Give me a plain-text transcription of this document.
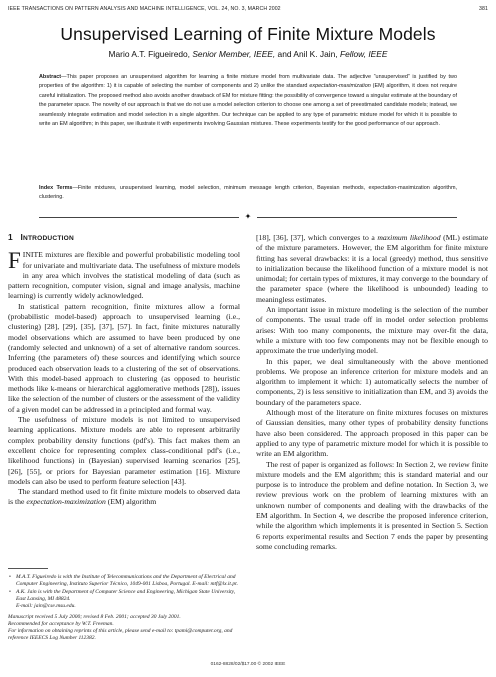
IEEE TRANSACTIONS ON PATTERN ANALYSIS AND MACHINE INTELLIGENCE, VOL. 24, NO. 3, MARCH 2002	381
Unsupervised Learning of Finite Mixture Models
Mario A.T. Figueiredo, Senior Member, IEEE, and Anil K. Jain, Fellow, IEEE
Abstract—This paper proposes an unsupervised algorithm for learning a finite mixture model from multivariate data. The adjective “unsupervised” is justified by two properties of the algorithm: 1) it is capable of selecting the number of components and 2) unlike the standard expectation-maximization (EM) algorithm, it does not require careful initialization. The proposed method also avoids another drawback of EM for mixture fitting: the possibility of convergence toward a singular estimate at the boundary of the parameter space. The novelty of our approach is that we do not use a model selection criterion to choose one among a set of preestimated candidate models; instead, we seamlessly integrate estimation and model selection in a single algorithm. Our technique can be applied to any type of parametric mixture model for which it is possible to write an EM algorithm; in this paper, we illustrate it with experiments involving Gaussian mixtures. These experiments testify for the good performance of our approach.
Index Terms—Finite mixtures, unsupervised learning, model selection, minimum message length criterion, Bayesian methods, expectation-maximization algorithm, clustering.
✦
1 INTRODUCTION

FINITE mixtures are flexible and powerful probabilistic modeling tool for univariate and multivariate data. The usefulness of mixture models in any area which involves the statistical modeling of data (such as pattern recognition, computer vision, signal and image analysis, machine learning) is currently widely acknowledged.

In statistical pattern recognition, finite mixtures allow a formal (probabilistic model-based) approach to unsupervised learning (i.e., clustering) [28], [29], [35], [37], [57]. In fact, finite mixtures naturally model observations which are assumed to have been produced by one (randomly selected and unknown) of a set of alternative random sources. Inferring (the parameters of) these sources and identifying which source produced each observation leads to a clustering of the set of observations. With this model-based approach to clustering (as opposed to heuristic methods like k-means or hierarchical agglomerative methods [28]), issues like the selection of the number of clusters or the assessment of the validity of a given model can be addressed in a principled and formal way.

The usefulness of mixture models is not limited to unsupervised learning applications. Mixture models are able to represent arbitrarily complex probability density functions (pdf's). This fact makes them an excellent choice for representing complex class-conditional pdf's (i.e., likelihood functions) in (Bayesian) supervised learning scenarios [25], [26], [55], or priors for Bayesian parameter estimation [16]. Mixture models can also be used to perform feature selection [43].

The standard method used to fit finite mixture models to observed data is the expectation-maximization (EM) algorithm

• M.A.T. Figueiredo is with the Institute of Telecommunications and the Department of Electrical and Computer Engineering, Instituto Superior Técnico, 1049-001 Lisboa, Portugal. E-mail: mtf@lx.it.pt.
• A.K. Jain is with the Department of Computer Science and Engineering, Michigan State University, East Lansing, MI 48824.
E-mail: jain@cse.msu.edu.
Manuscript received 5 July 2000; revised 8 Feb. 2001; accepted 30 July 2001.
Recommended for acceptance by W.T. Freeman.
For information on obtaining reprints of this article, please send e-mail to: tpami@computer.org, and reference IEEECS Log Number 112382.

[18], [36], [37], which converges to a maximum likelihood (ML) estimate of the mixture parameters. However, the EM algorithm for finite mixture fitting has several drawbacks: it is a local (greedy) method, thus sensitive to initialization because the likelihood function of a mixture model is not unimodal; for certain types of mixtures, it may converge to the boundary of the parameter space (where the likelihood is unbounded) leading to meaningless estimates.

An important issue in mixture modeling is the selection of the number of components. The usual trade off in model order selection problems arises: With too many components, the mixture may over-fit the data, while a mixture with too few components may not be flexible enough to approximate the true underlying model.

In this paper, we deal simultaneously with the above mentioned problems. We propose an inference criterion for mixture models and an algorithm to implement it which: 1) automatically selects the number of components, 2) is less sensitive to initialization than EM, and 3) avoids the boundary of the parameters space.

Although most of the literature on finite mixtures focuses on mixtures of Gaussian densities, many other types of probability density functions have also been considered. The approach proposed in this paper can be applied to any type of parametric mixture model for which it is possible to write an EM algorithm.

The rest of paper is organized as follows: In Section 2, we review finite mixture models and the EM algorithm; this is standard material and our purpose is to introduce the problem and define notation. In Section 3, we review previous work on the problem of learning mixtures with an unknown number of components and dealing with the drawbacks of the EM algorithm. In Section 4, we describe the proposed inference criterion, while the algorithm which implements it is presented in Section 5. Section 6 reports experimental results and Section 7 ends the paper by presenting some concluding remarks.

0162-8828/02/$17.00 © 2002 IEEE
